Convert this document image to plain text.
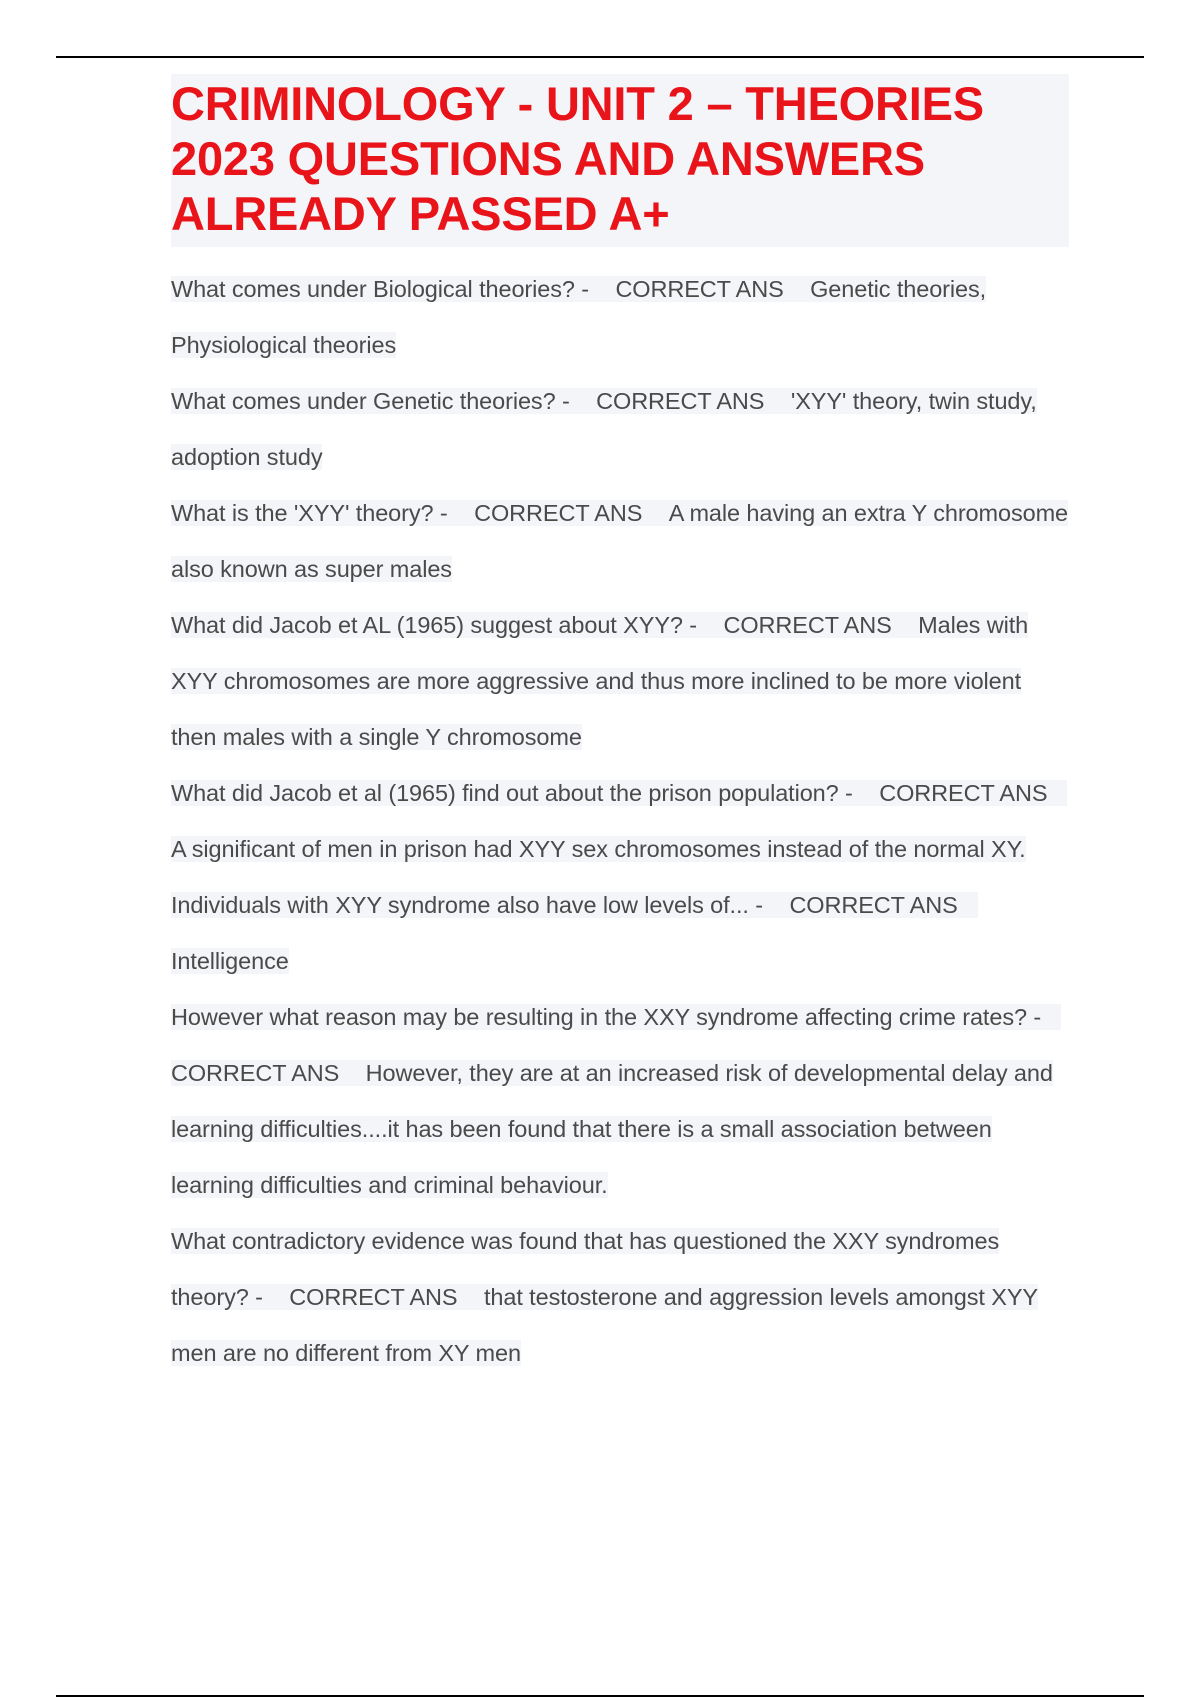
CRIMINOLOGY - UNIT 2 – THEORIES 2023 QUESTIONS AND ANSWERS ALREADY PASSED A+
What comes under Biological theories? - CORRECT ANS Genetic theories, Physiological theories
What comes under Genetic theories? - CORRECT ANS 'XYY' theory, twin study, adoption study
What is the 'XYY' theory? - CORRECT ANS A male having an extra Y chromosome also known as super males
What did Jacob et AL (1965) suggest about XYY? - CORRECT ANS Males with XYY chromosomes are more aggressive and thus more inclined to be more violent then males with a single Y chromosome
What did Jacob et al (1965) find out about the prison population? - CORRECT ANS A significant of men in prison had XYY sex chromosomes instead of the normal XY.
Individuals with XYY syndrome also have low levels of... - CORRECT ANS Intelligence
However what reason may be resulting in the XXY syndrome affecting crime rates? - CORRECT ANS However, they are at an increased risk of developmental delay and learning difficulties....it has been found that there is a small association between learning difficulties and criminal behaviour.
What contradictory evidence was found that has questioned the XXY syndromes theory? - CORRECT ANS that testosterone and aggression levels amongst XYY men are no different from XY men
